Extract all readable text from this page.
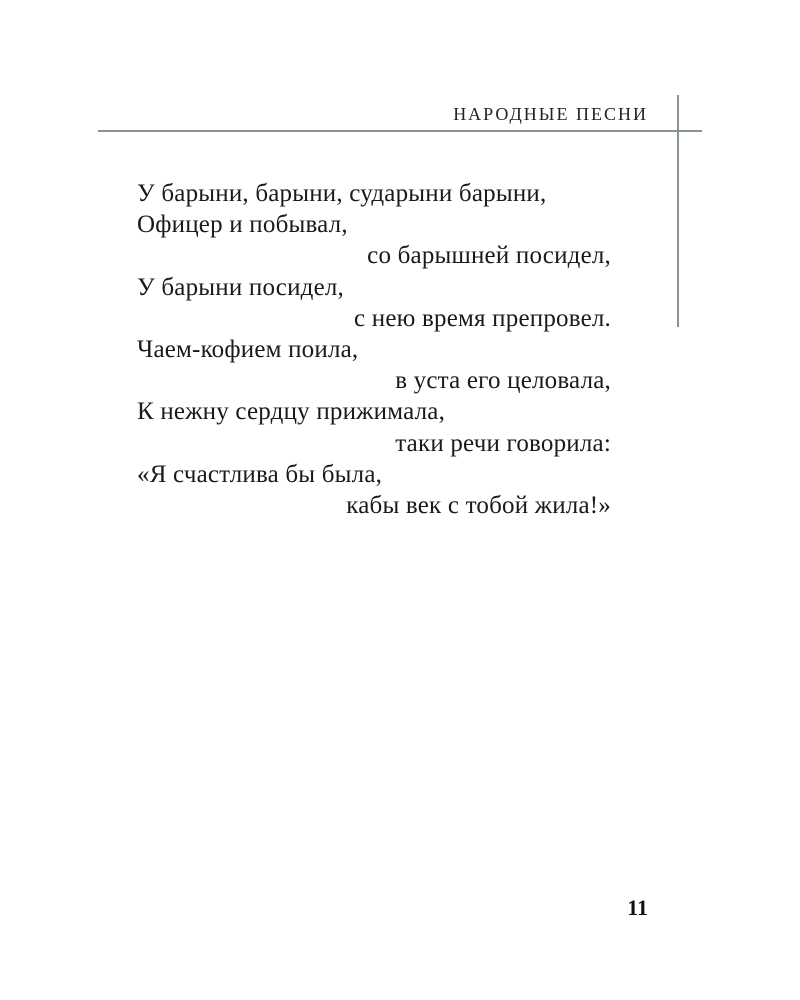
НАРОДНЫЕ ПЕСНИ
У барыни, барыни, сударыни барыни,
Офицер и побывал,
со барышней посидел,
У барыни посидел,
с нею время препровел.
Чаем-кофием поила,
в уста его целовала,
К нежну сердцу прижимала,
таки речи говорила:
«Я счастлива бы была,
кабы век с тобой жила!»
11
